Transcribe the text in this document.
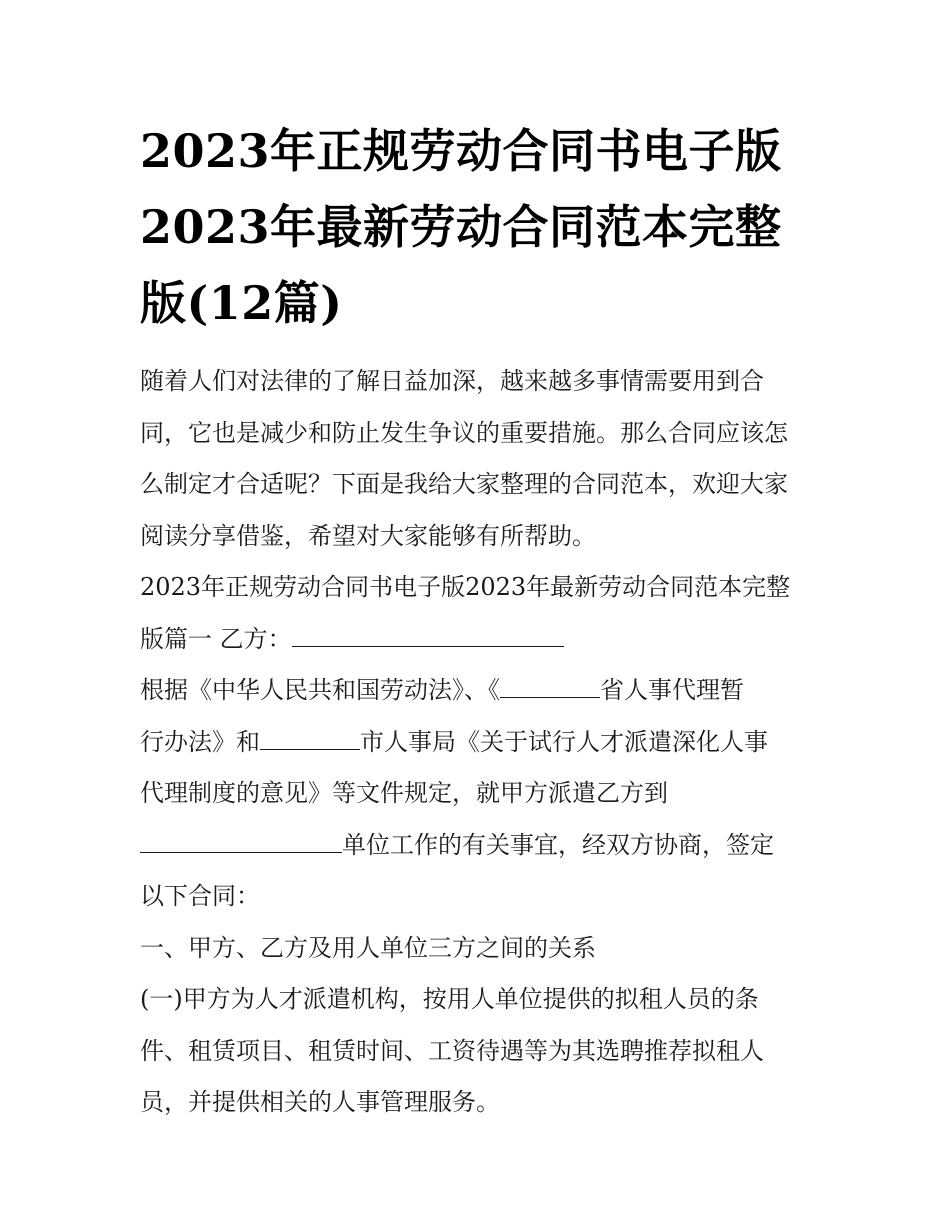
2023年正规劳动合同书电子版
2023年最新劳动合同范本完整
版(12篇)
随着人们对法律的了解日益加深，越来越多事情需要用到合
同，它也是减少和防止发生争议的重要措施。那么合同应该怎
么制定才合适呢？下面是我给大家整理的合同范本，欢迎大家
阅读分享借鉴，希望对大家能够有所帮助。
2023年正规劳动合同书电子版2023年最新劳动合同范本完整
版篇一 乙方：
根据《中华人民共和国劳动法》、《	省人事代理暂
行办法》和	市人事局《关于试行人才派遣深化人事
代理制度的意见》等文件规定，就甲方派遣乙方到
单位工作的有关事宜，经双方协商，签定
以下合同：
一、甲方、乙方及用人单位三方之间的关系
(一)甲方为人才派遣机构，按用人单位提供的拟租人员的条
件、租赁项目、租赁时间、工资待遇等为其选聘推荐拟租人
员，并提供相关的人事管理服务。
